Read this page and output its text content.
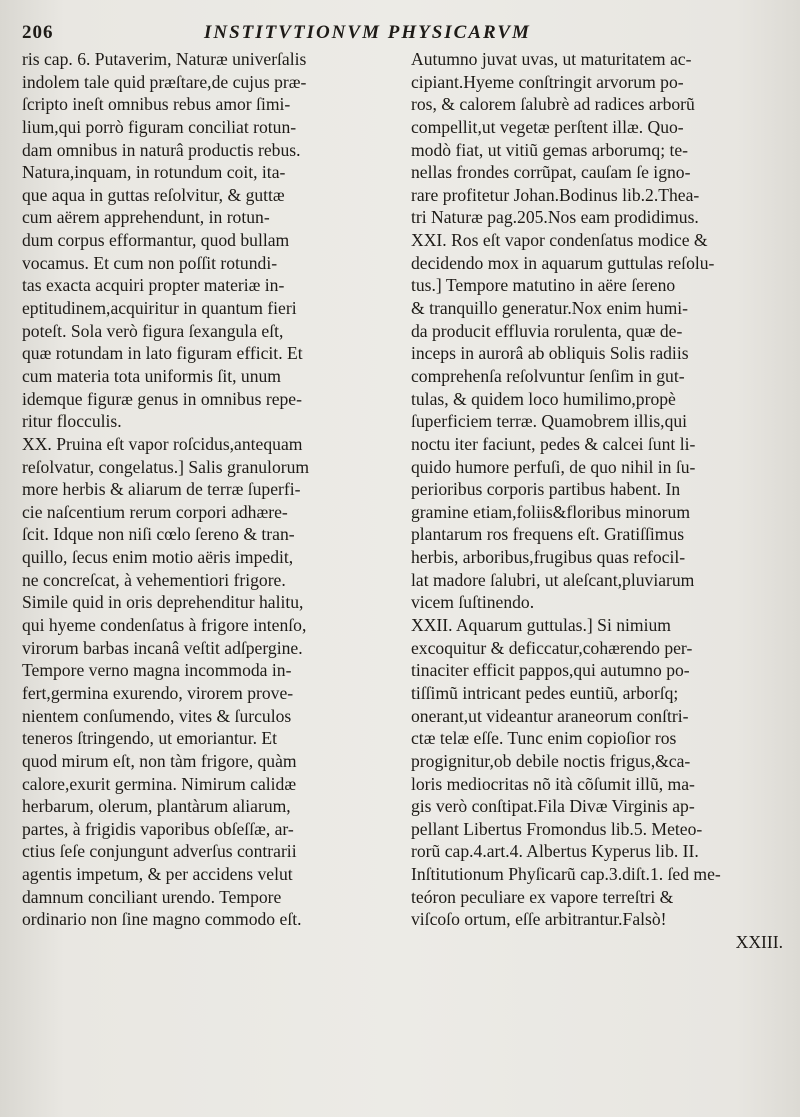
206	INSTITVTIONVM PHYSICARVM
ris cap. 6. Putaverim, Naturæ univerſalis
indolem tale quid præſtare,de cujus præ-
ſcripto ineſt omnibus rebus amor ſimi-
lium,qui porrò figuram conciliat rotun-
dam omnibus in naturâ productis rebus.
Natura,inquam, in rotundum coit, ita-
que aqua in guttas reſolvitur, & guttæ
cum aërem apprehendunt, in rotun-
dum corpus efformantur, quod bullam
vocamus. Et cum non poſſit rotundi-
tas exacta acquiri propter materiæ in-
eptitudinem,acquiritur in quantum fieri
poteſt. Sola verò figura ſexangula eſt,
quæ rotundam in lato figuram efficit. Et
cum materia tota uniformis ſit, unum
idemque figuræ genus in omnibus repe-
ritur flocculis.
XX. Pruina eſt vapor roſcidus,antequam
reſolvatur, congelatus.] Salis granulorum
more herbis & aliarum de terræ ſuperfi-
cie naſcentium rerum corpori adhære-
ſcit. Idque non niſi cœlo ſereno & tran-
quillo, ſecus enim motio aëris impedit,
ne concreſcat, à vehementiori frigore.
Simile quid in oris deprehenditur halitu,
qui hyeme condenſatus à frigore intenſo,
virorum barbas incanâ veſtit adſpergine.
Tempore verno magna incommoda in-
fert,germina exurendo, virorem prove-
nientem conſumendo, vites & ſurculos
teneros ſtringendo, ut emoriantur. Et
quod mirum eſt, non tàm frigore, quàm
calore,exurit germina. Nimirum calidæ
herbarum, olerum, plantàrum aliarum,
partes, à frigidis vaporibus obſeſſæ, ar-
ctius ſeſe conjungunt adverſus contrarii
agentis impetum, & per accidens velut
damnum conciliant urendo. Tempore
ordinario non ſine magno commodo eſt.
Autumno juvat uvas, ut maturitatem ac-
cipiant.Hyeme conſtringit arvorum po-
ros, & calorem ſalubrè ad radices arborũ
compellit,ut vegetæ perſtent illæ. Quo-
modò fiat, ut vitiũ gemas arborumq; te-
nellas frondes corrũpat, cauſam ſe igno-
rare profitetur Johan.Bodinus lib.2.Thea-
tri Naturæ pag.205.Nos eam prodidimus.
XXI. Ros eſt vapor condenſatus modice &
decidendo mox in aquarum guttulas reſolu-
tus.] Tempore matutino in aëre ſereno
& tranquillo generatur.Nox enim humi-
da producit effluvia rorulenta, quæ de-
inceps in aurorâ ab obliquis Solis radiis
comprehenſa reſolvuntur ſenſim in gut-
tulas, & quidem loco humilimo,propè
ſuperficiem terræ. Quamobrem illis,qui
noctu iter faciunt, pedes & calcei ſunt li-
quido humore perfuſi, de quo nihil in ſu-
perioribus corporis partibus habent. In
gramine etiam,foliis&floribus minorum
plantarum ros frequens eſt. Gratiſſimus
herbis, arboribus,frugibus quas refocil-
lat madore ſalubri, ut aleſcant,pluviarum
vicem ſuſtinendo.
XXII. Aquarum guttulas.] Si nimium
excoquitur & deficcatur,cohærendo per-
tinaciter efficit pappos,qui autumno po-
tiſſimũ intricant pedes euntiũ, arborſq;
onerant,ut videantur araneorum conſtri-
ctæ telæ eſſe. Tunc enim copioſior ros
progignitur,ob debile noctis frigus,&ca-
loris mediocritas nõ ità cõſumit illũ, ma-
gis verò conſtipat.Fila Divæ Virginis ap-
pellant Libertus Fromondus lib.5. Meteo-
rorũ cap.4.art.4. Albertus Kyperus lib. II.
Inſtitutionum Phyſicarũ cap.3.diſt.1. ſed me-
teóron peculiare ex vapore terreſtri &
viſcoſo ortum, eſſe arbitrantur.Falsò!
XXIII.
